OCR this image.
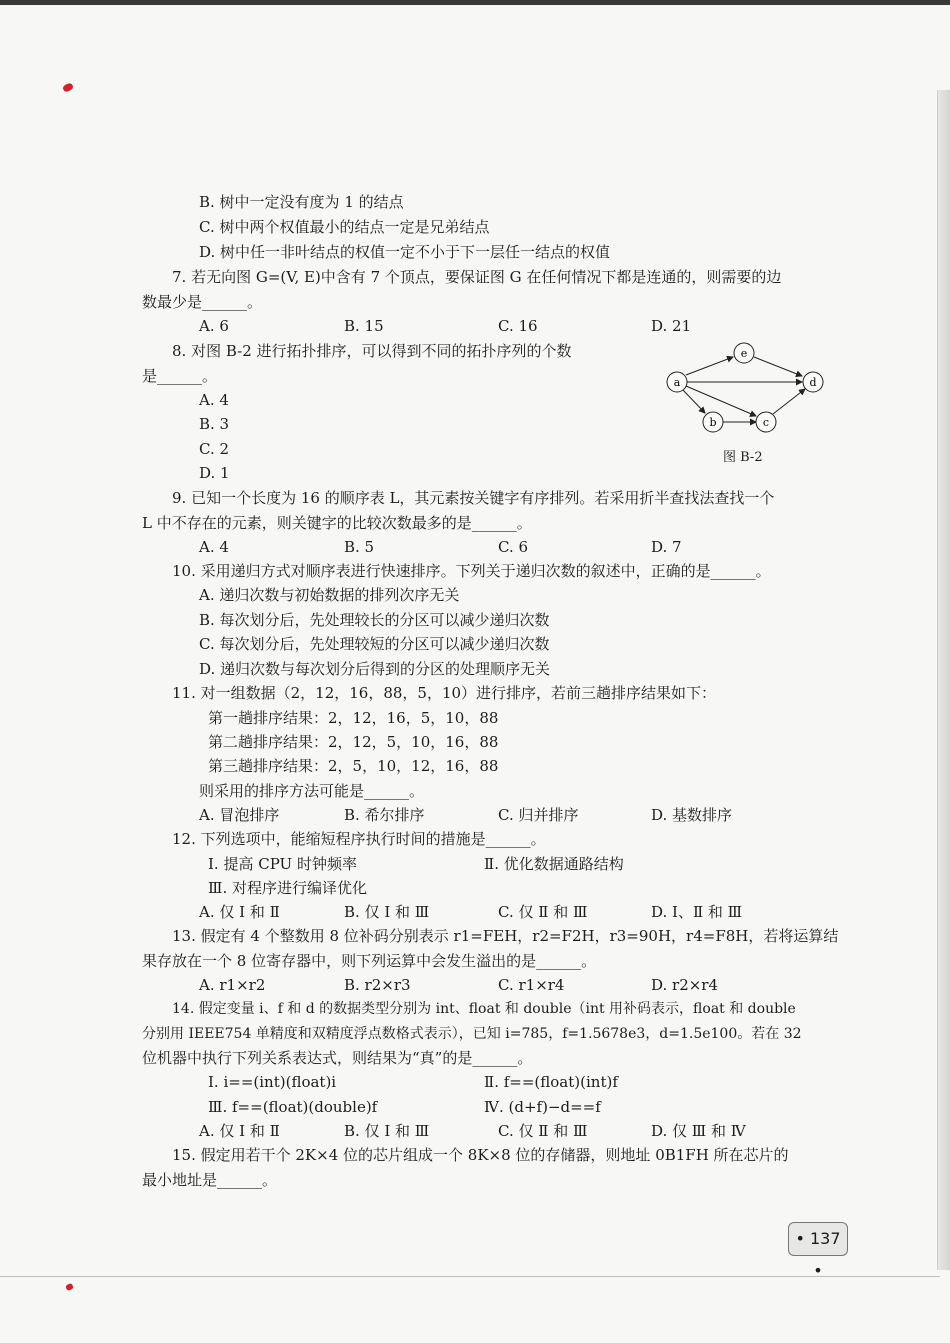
B. 树中一定没有度为 1 的结点
C. 树中两个权值最小的结点一定是兄弟结点
D. 树中任一非叶结点的权值一定不小于下一层任一结点的权值
7. 若无向图 G=(V, E)中含有 7 个顶点，要保证图 G 在任何情况下都是连通的，则需要的边
数最少是______。
A. 6	B. 15	C. 16	D. 21
8. 对图 B-2 进行拓扑排序，可以得到不同的拓扑序列的个数
是______。
A. 4
B. 3
C. 2
D. 1
a
b	c
d
e
图 B-2
9. 已知一个长度为 16 的顺序表 L，其元素按关键字有序排列。若采用折半查找法查找一个
L 中不存在的元素，则关键字的比较次数最多的是______。
A. 4	B. 5	C. 6	D. 7
10. 采用递归方式对顺序表进行快速排序。下列关于递归次数的叙述中，正确的是______。
A. 递归次数与初始数据的排列次序无关
B. 每次划分后，先处理较长的分区可以减少递归次数
C. 每次划分后，先处理较短的分区可以减少递归次数
D. 递归次数与每次划分后得到的分区的处理顺序无关
11. 对一组数据（2，12，16，88，5，10）进行排序，若前三趟排序结果如下：
第一趟排序结果：2，12，16，5，10，88
第二趟排序结果：2，12，5，10，16，88
第三趟排序结果：2，5，10，12，16，88
则采用的排序方法可能是______。
A. 冒泡排序	B. 希尔排序	C. 归并排序	D. 基数排序
12. 下列选项中，能缩短程序执行时间的措施是______。
Ⅰ. 提高 CPU 时钟频率	Ⅱ. 优化数据通路结构
Ⅲ. 对程序进行编译优化
A. 仅 Ⅰ 和 Ⅱ	B. 仅 Ⅰ 和 Ⅲ	C. 仅 Ⅱ 和 Ⅲ	D. Ⅰ、Ⅱ 和 Ⅲ
13. 假定有 4 个整数用 8 位补码分别表示 r1=FEH，r2=F2H，r3=90H，r4=F8H，若将运算结
果存放在一个 8 位寄存器中，则下列运算中会发生溢出的是______。
A. r1×r2	B. r2×r3	C. r1×r4	D. r2×r4
14. 假定变量 i、f 和 d 的数据类型分别为 int、float 和 double（int 用补码表示，float 和 double
分别用 IEEE754 单精度和双精度浮点数格式表示），已知 i=785，f=1.5678e3，d=1.5e100。若在 32
位机器中执行下列关系表达式，则结果为“真”的是______。
Ⅰ. i==(int)(float)i	Ⅱ. f==(float)(int)f
Ⅲ. f==(float)(double)f	Ⅳ. (d+f)−d==f
A. 仅 Ⅰ 和 Ⅱ	B. 仅 Ⅰ 和 Ⅲ	C. 仅 Ⅱ 和 Ⅲ	D. 仅 Ⅲ 和 Ⅳ
15. 假定用若干个 2K×4 位的芯片组成一个 8K×8 位的存储器，则地址 0B1FH 所在芯片的
最小地址是______。
• 137 •
